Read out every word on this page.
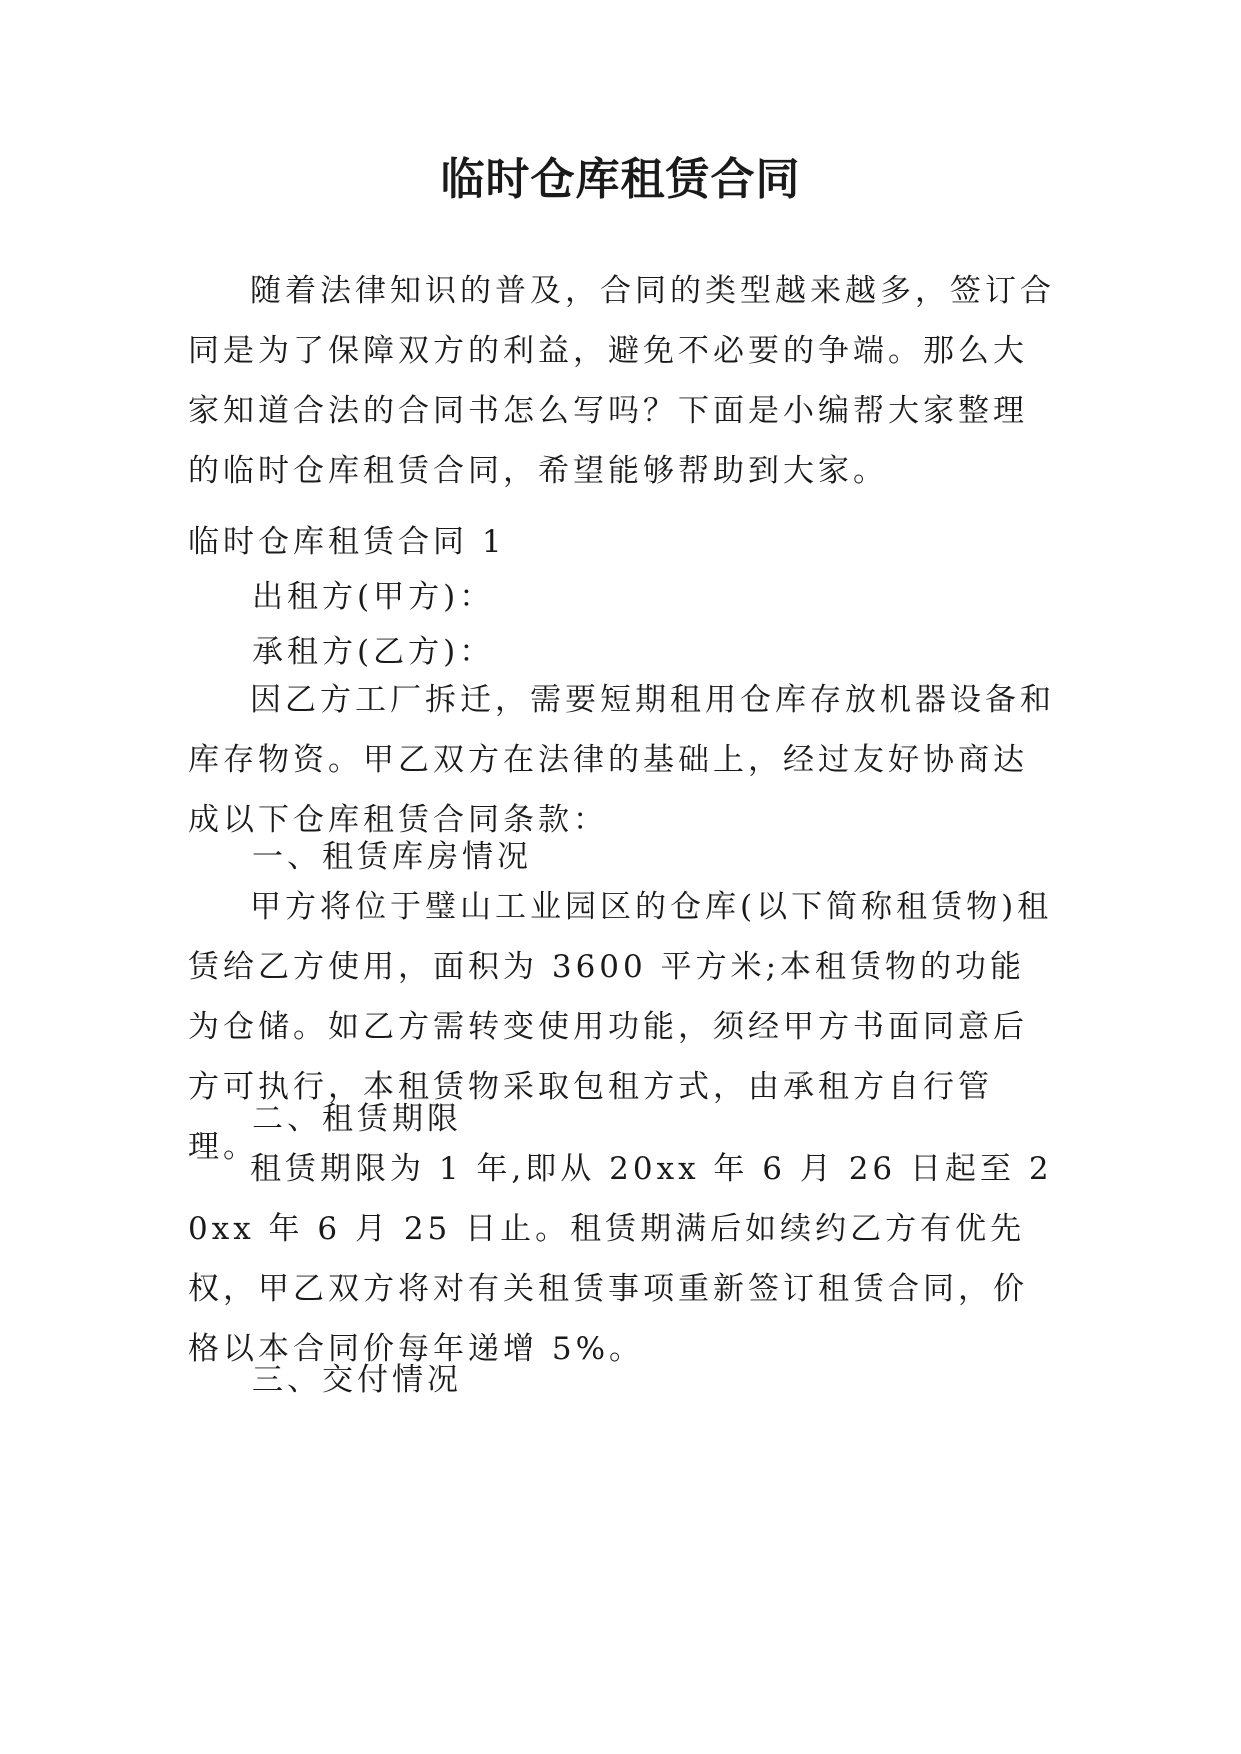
临时仓库租赁合同
随着法律知识的普及，合同的类型越来越多，签订合同是为了保障双方的利益，避免不必要的争端。那么大家知道合法的合同书怎么写吗？下面是小编帮大家整理的临时仓库租赁合同，希望能够帮助到大家。
临时仓库租赁合同 1
出租方(甲方)：
承租方(乙方)：
因乙方工厂拆迁，需要短期租用仓库存放机器设备和库存物资。甲乙双方在法律的基础上，经过友好协商达成以下仓库租赁合同条款：
一、租赁库房情况
甲方将位于璧山工业园区的仓库(以下简称租赁物)租赁给乙方使用，面积为 3600 平方米;本租赁物的功能为仓储。如乙方需转变使用功能，须经甲方书面同意后方可执行，本租赁物采取包租方式，由承租方自行管理。
二、租赁期限
租赁期限为 1 年,即从 20xx 年 6 月 26 日起至 20xx 年 6 月 25 日止。租赁期满后如续约乙方有优先权，甲乙双方将对有关租赁事项重新签订租赁合同，价格以本合同价每年递增 5%。
三、交付情况
